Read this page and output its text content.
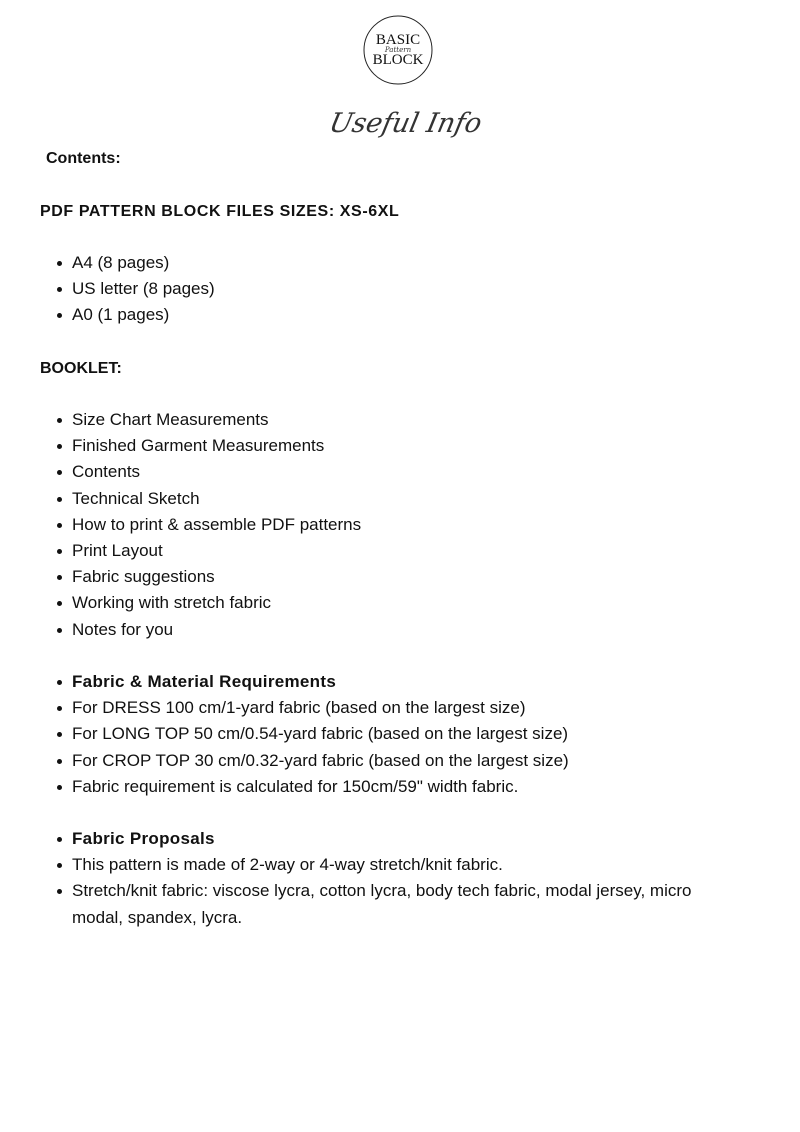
BASIC
Pattern
BLOCK
Useful Info
Contents:
PDF PATTERN BLOCK FILES SIZES: XS-6XL
A4 (8 pages)
US letter (8 pages)
A0 (1 pages)
BOOKLET:
Size Chart Measurements
Finished Garment Measurements
Contents
Technical Sketch
How to print & assemble PDF patterns
Print Layout
Fabric suggestions
Working with stretch fabric
Notes for you
Fabric & Material Requirements
For DRESS 100 cm/1-yard fabric (based on the largest size)
For LONG TOP 50 cm/0.54-yard fabric (based on the largest size)
For CROP TOP 30 cm/0.32-yard fabric (based on the largest size)
Fabric requirement is calculated for 150cm/59" width fabric.
Fabric Proposals
This pattern is made of 2-way or 4-way stretch/knit fabric.
Stretch/knit fabric: viscose lycra, cotton lycra, body tech fabric, modal jersey, micro modal, spandex, lycra.
